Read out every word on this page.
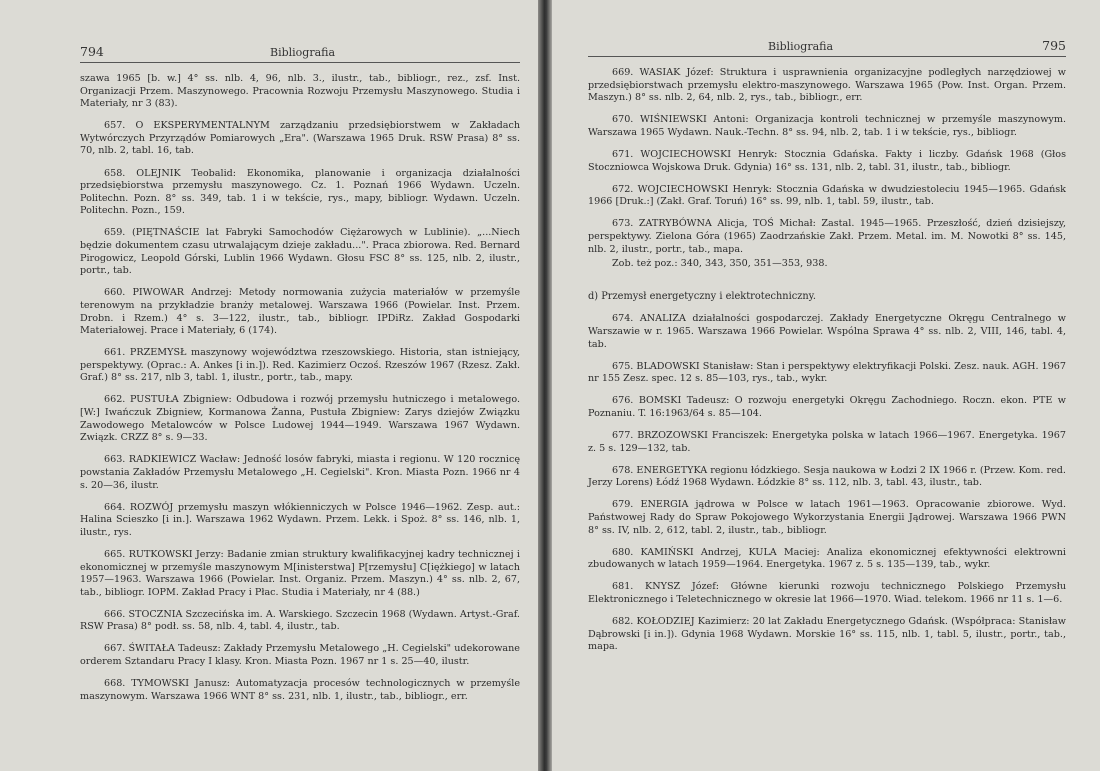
794	Bibliografia

szawa 1965 [b. w.] 4° ss. nlb. 4, 96, nlb. 3., ilustr., tab., bibliogr., rez., zsf. Inst. Organizacji Przem. Maszynowego. Pracownia Rozwoju Przemysłu Maszynowego. Studia i Materiały, nr 3 (83).

657. O EKSPERYMENTALNYM zarządzaniu przedsiębiorstwem w Zakładach Wytwórczych Przyrządów Pomiarowych „Era". (Warszawa 1965 Druk. RSW Prasa) 8° ss. 70, nlb. 2, tabl. 16, tab.

658. OLEJNIK Teobalid: Ekonomika, planowanie i organizacja działalności przedsiębiorstwa przemysłu maszynowego. Cz. 1. Poznań 1966 Wydawn. Uczeln. Politechn. Pozn. 8° ss. 349, tab. 1 i w tekście, rys., mapy, bibliogr. Wydawn. Uczeln. Politechn. Pozn., 159.

659. (PIĘTNAŚCIE lat Fabryki Samochodów Ciężarowych w Lublinie). „...Niech będzie dokumentem czasu utrwalającym dzieje zakładu...". Praca zbiorowa. Red. Bernard Pirogowicz, Leopold Górski, Lublin 1966 Wydawn. Głosu FSC 8° ss. 125, nlb. 2, ilustr., portr., tab.

660. PIWOWAR Andrzej: Metody normowania zużycia materiałów w przemyśle terenowym na przykładzie branży metalowej. Warszawa 1966 (Powielar. Inst. Przem. Drobn. i Rzem.) 4° s. 3—122, ilustr., tab., bibliogr. IPDiRz. Zakład Gospodarki Materiałowej. Prace i Materiały, 6 (174).

661. PRZEMYSŁ maszynowy województwa rzeszowskiego. Historia, stan istniejący, perspektywy. (Oprac.: A. Ankes [i in.]). Red. Kazimierz Oczoś. Rzeszów 1967 (Rzesz. Zakł. Graf.) 8° ss. 217, nlb 3, tabl. 1, ilustr., portr., tab., mapy.

662. PUSTUŁA Zbigniew: Odbudowa i rozwój przemysłu hutniczego i metalowego. [W:] Iwańczuk Zbigniew, Kormanowa Żanna, Pustuła Zbigniew: Zarys dziejów Związku Zawodowego Metalowców w Polsce Ludowej 1944—1949. Warszawa 1967 Wydawn. Związk. CRZZ 8° s. 9—33.

663. RADKIEWICZ Wacław: Jedność losów fabryki, miasta i regionu. W 120 rocznicę powstania Zakładów Przemysłu Metalowego „H. Cegielski". Kron. Miasta Pozn. 1966 nr 4 s. 20—36, ilustr.

664. ROZWÓJ przemysłu maszyn włókienniczych w Polsce 1946—1962. Zesp. aut.: Halina Scieszko [i in.]. Warszawa 1962 Wydawn. Przem. Lekk. i Spoż. 8° ss. 146, nlb. 1, ilustr., rys.

665. RUTKOWSKI Jerzy: Badanie zmian struktury kwalifikacyjnej kadry technicznej i ekonomicznej w przemyśle maszynowym M[inisterstwa] P[rzemysłu] C[iężkiego] w latach 1957—1963. Warszawa 1966 (Powielar. Inst. Organiz. Przem. Maszyn.) 4° ss. nlb. 2, 67, tab., bibliogr. IOPM. Zakład Pracy i Płac. Studia i Materiały, nr 4 (88.)

666. STOCZNIA Szczecińska im. A. Warskiego. Szczecin 1968 (Wydawn. Artyst.-Graf. RSW Prasa) 8° podł. ss. 58, nlb. 4, tabl. 4, ilustr., tab.

667. ŚWITAŁA Tadeusz: Zakłady Przemysłu Metalowego „H. Cegielski" udekorowane orderem Sztandaru Pracy I klasy. Kron. Miasta Pozn. 1967 nr 1 s. 25—40, ilustr.

668. TYMOWSKI Janusz: Automatyzacja procesów technologicznych w przemyśle maszynowym. Warszawa 1966 WNT 8° ss. 231, nlb. 1, ilustr., tab., bibliogr., err.

Bibliografia	795

669. WASIAK Józef: Struktura i usprawnienia organizacyjne podległych narzędziowej w przedsiębiorstwach przemysłu elektro-maszynowego. Warszawa 1965 (Pow. Inst. Organ. Przem. Maszyn.) 8° ss. nlb. 2, 64, nlb. 2, rys., tab., bibliogr., err.

670. WIŚNIEWSKI Antoni: Organizacja kontroli technicznej w przemyśle maszynowym. Warszawa 1965 Wydawn. Nauk.-Techn. 8° ss. 94, nlb. 2, tab. 1 i w tekście, rys., bibliogr.

671. WOJCIECHOWSKI Henryk: Stocznia Gdańska. Fakty i liczby. Gdańsk 1968 (Głos Stoczniowca Wojskowa Druk. Gdynia) 16° ss. 131, nlb. 2, tabl. 31, ilustr., tab., bibliogr.

672. WOJCIECHOWSKI Henryk: Stocznia Gdańska w dwudziestoleciu 1945—1965. Gdańsk 1966 [Druk.:] (Zakł. Graf. Toruń) 16° ss. 99, nlb. 1, tabl. 59, ilustr., tab.

673. ZATRYBÓWNA Alicja, TOŚ Michał: Zastal. 1945—1965. Przeszłość, dzień dzisiejszy, perspektywy. Zielona Góra (1965) Zaodrzańskie Zakł. Przem. Metal. im. M. Nowotki 8° ss. 145, nlb. 2, ilustr., portr., tab., mapa.

Zob. też poz.: 340, 343, 350, 351—353, 938.

d) Przemysł energetyczny i elektrotechniczny.

674. ANALIZA działalności gospodarczej. Zakłady Energetyczne Okręgu Centralnego w Warszawie w r. 1965. Warszawa 1966 Powielar. Wspólna Sprawa 4° ss. nlb. 2, VIII, 146, tabl. 4, tab.

675. BLADOWSKI Stanisław: Stan i perspektywy elektryfikacji Polski. Zesz. nauk. AGH. 1967 nr 155 Zesz. spec. 12 s. 85—103, rys., tab., wykr.

676. BOMSKI Tadeusz: O rozwoju energetyki Okręgu Zachodniego. Roczn. ekon. PTE w Poznaniu. T. 16:1963/64 s. 85—104.

677. BRZOZOWSKI Franciszek: Energetyka polska w latach 1966—1967. Energetyka. 1967 z. 5 s. 129—132, tab.

678. ENERGETYKA regionu łódzkiego. Sesja naukowa w Łodzi 2 IX 1966 r. (Przew. Kom. red. Jerzy Lorens) Łódź 1968 Wydawn. Łódzkie 8° ss. 112, nlb. 3, tabl. 43, ilustr., tab.

679. ENERGIA jądrowa w Polsce w latach 1961—1963. Opracowanie zbiorowe. Wyd. Państwowej Rady do Spraw Pokojowego Wykorzystania Energii Jądrowej. Warszawa 1966 PWN 8° ss. IV, nlb. 2, 612, tabl. 2, ilustr., tab., bibliogr.

680. KAMIŃSKI Andrzej, KULA Maciej: Analiza ekonomicznej efektywności elektrowni zbudowanych w latach 1959—1964. Energetyka. 1967 z. 5 s. 135—139, tab., wykr.

681. KNYSZ Józef: Główne kierunki rozwoju technicznego Polskiego Przemysłu Elektronicznego i Teletechnicznego w okresie lat 1966—1970. Wiad. telekom. 1966 nr 11 s. 1—6.

682. KOŁODZIEJ Kazimierz: 20 lat Zakładu Energetycznego Gdańsk. (Współpraca: Stanisław Dąbrowski [i in.]). Gdynia 1968 Wydawn. Morskie 16° ss. 115, nlb. 1, tabl. 5, ilustr., portr., tab., mapa.
